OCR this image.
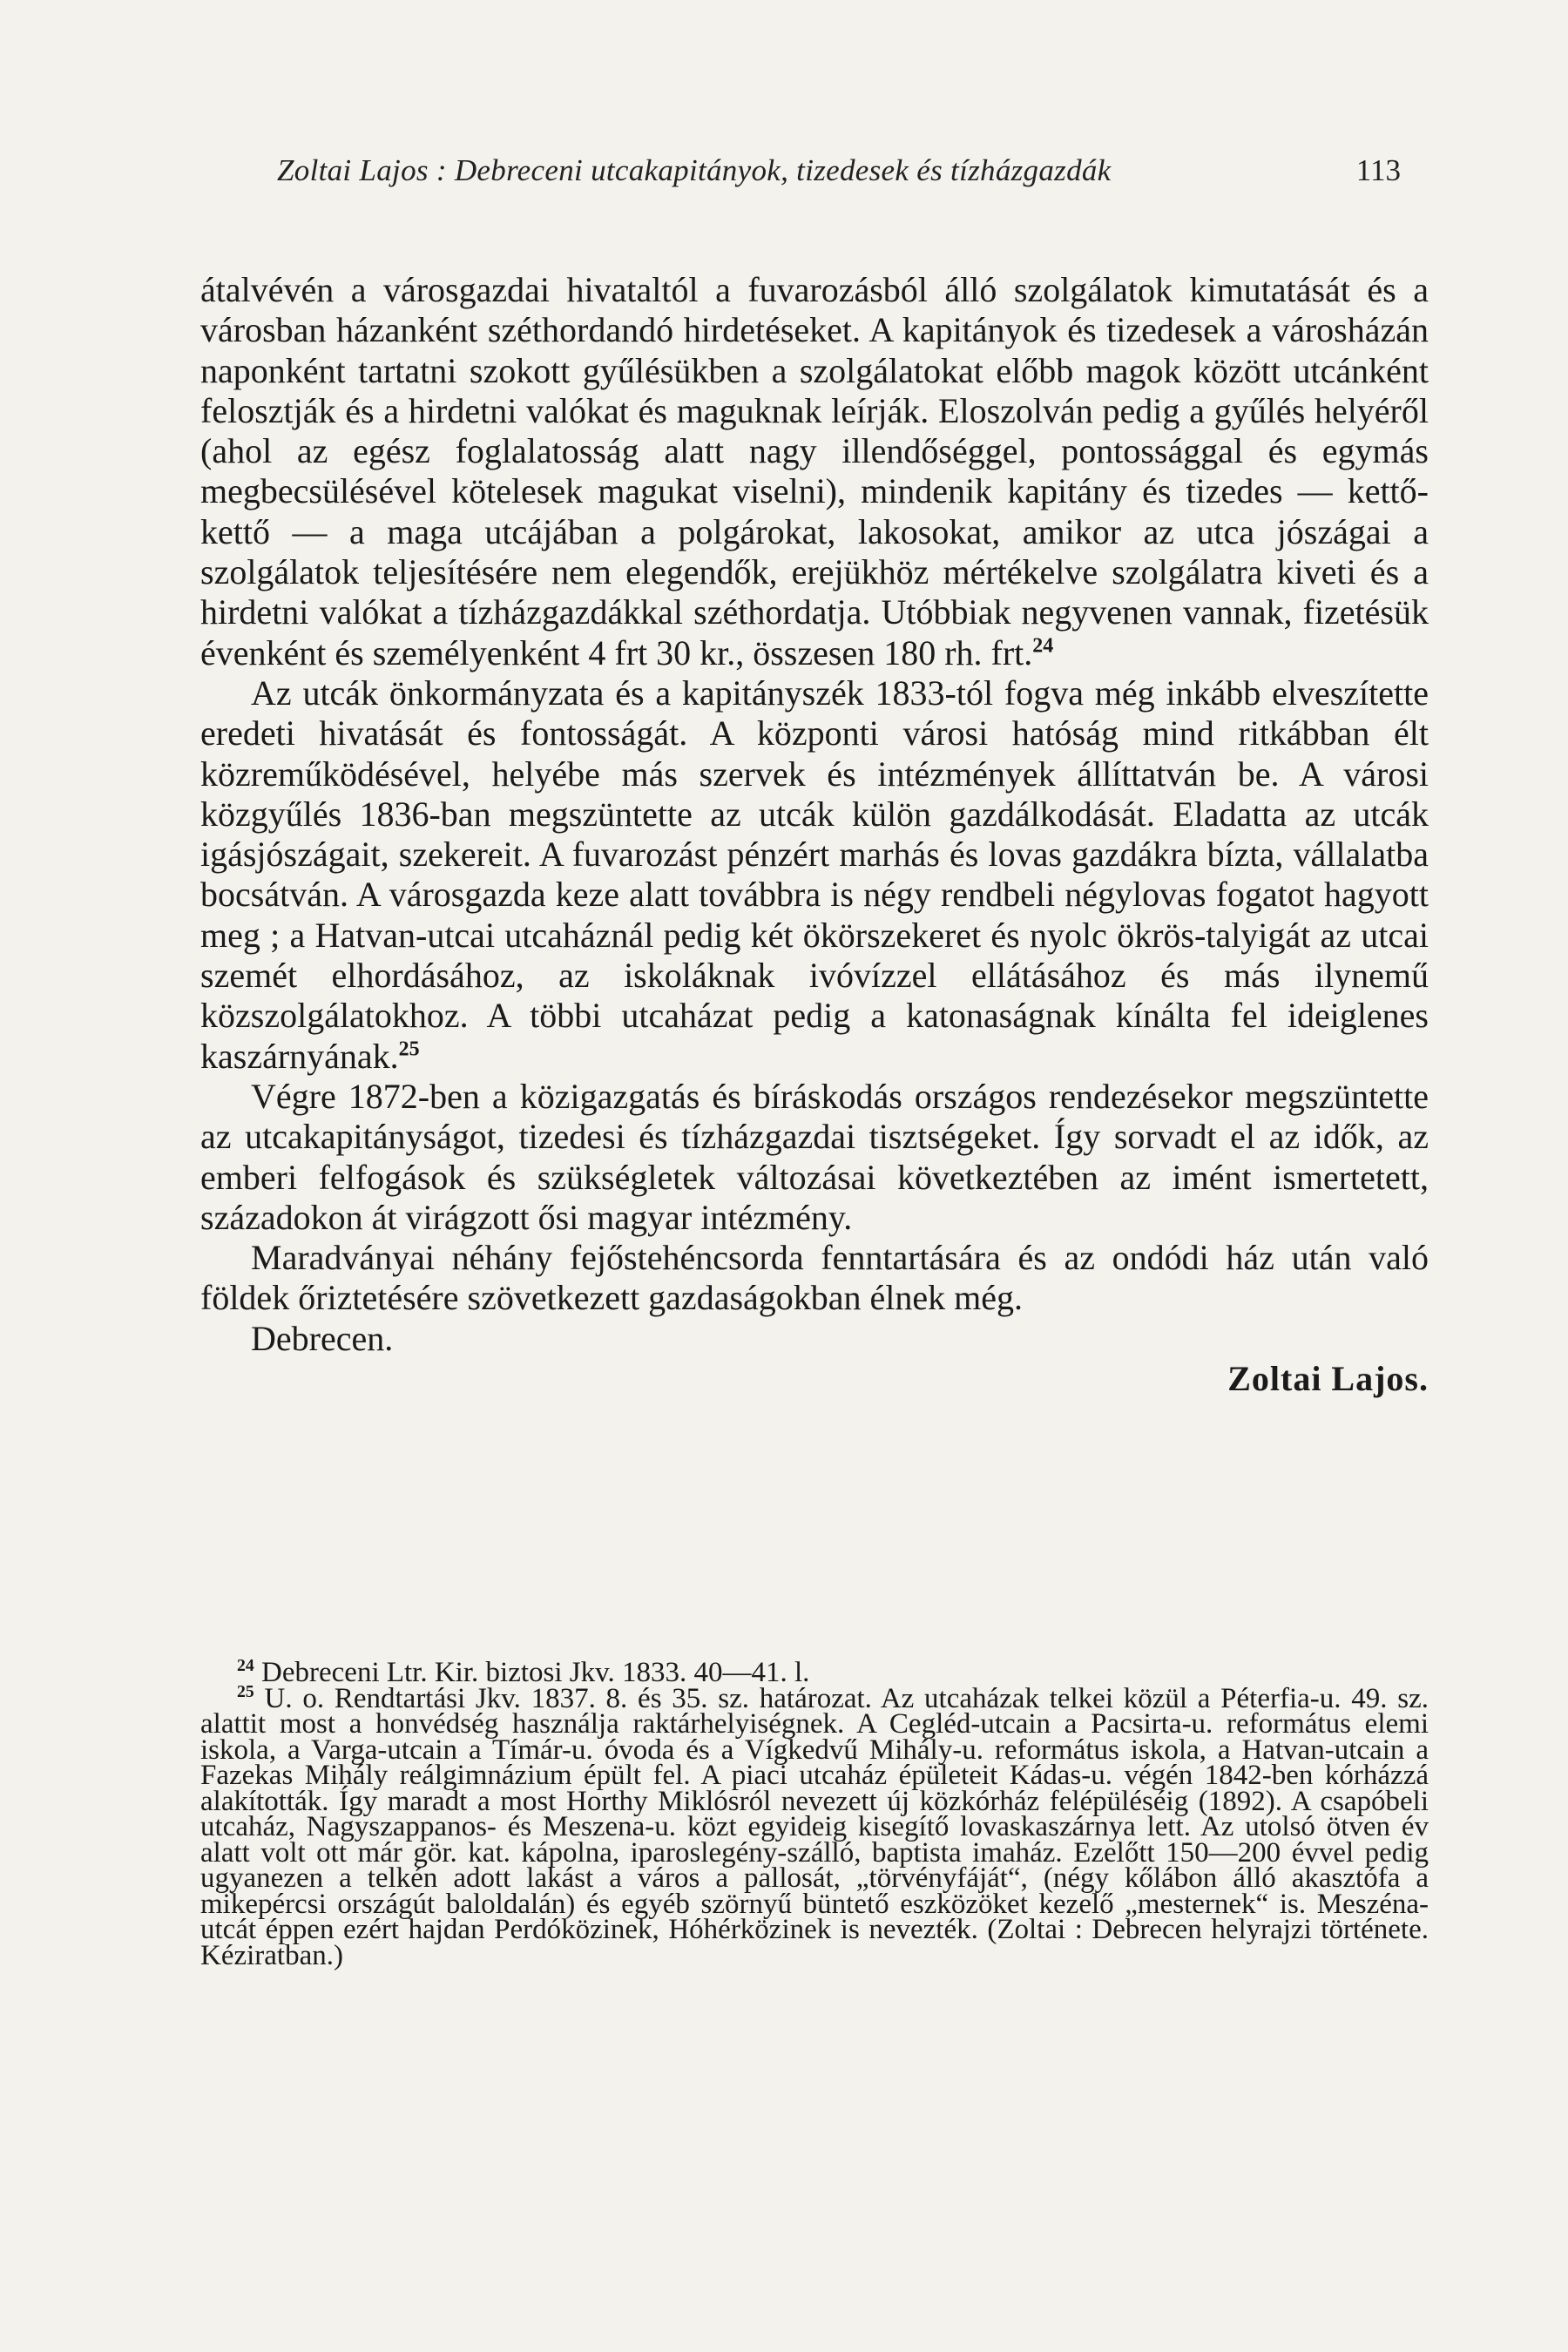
Zoltai Lajos : Debreceni utcakapitányok, tizedesek és tízházgazdák	113

átalvévén a városgazdai hivataltól a fuvarozásból álló szolgálatok kimutatását és a városban házanként széthordandó hirdetéseket. A kapitányok és tizedesek a városházán naponként tartatni szokott gyűlésükben a szolgálatokat előbb magok között utcánként felosztják és a hirdetni valókat és maguknak leírják. Eloszolván pedig a gyűlés helyéről (ahol az egész foglalatosság alatt nagy illendőséggel, pontossággal és egymás megbecsülésével kötelesek magukat viselni), mindenik kapitány és tizedes — kettő-kettő — a maga utcájában a polgárokat, lakosokat, amikor az utca jószágai a szolgálatok teljesítésére nem elegendők, erejükhöz mértékelve szolgálatra kiveti és a hirdetni valókat a tízházgazdákkal széthordatja. Utóbbiak negyvenen vannak, fizetésük évenként és személyenként 4 frt 30 kr., összesen 180 rh. frt.$^{24}$

Az utcák önkormányzata és a kapitányszék 1833-tól fogva még inkább elveszítette eredeti hivatását és fontosságát. A központi városi hatóság mind ritkábban élt közreműködésével, helyébe más szervek és intézmények állíttatván be. A városi közgyűlés 1836-ban megszüntette az utcák külön gazdálkodását. Eladatta az utcák igásjószágait, szekereit. A fuvarozást pénzért marhás és lovas gazdákra bízta, vállalatba bocsátván. A városgazda keze alatt továbbra is négy rendbeli négylovas fogatot hagyott meg ; a Hatvan-utcai utcaháznál pedig két ökörszekeret és nyolc ökrös-talyigát az utcai szemét elhordásához, az iskoláknak ivóvízzel ellátásához és más ilynemű közszolgálatokhoz. A többi utcaházat pedig a katonaságnak kínálta fel ideiglenes kaszárnyának.$^{25}$

Végre 1872-ben a közigazgatás és bíráskodás országos rendezésekor megszüntette az utcakapitányságot, tizedesi és tízházgazdai tisztségeket. Így sorvadt el az idők, az emberi felfogások és szükségletek változásai következtében az imént ismertetett, századokon át virágzott ősi magyar intézmény.

Maradványai néhány fejőstehéncsorda fenntartására és az ondódi ház után való földek őriztetésére szövetkezett gazdaságokban élnek még.

Debrecen.
Zoltai Lajos.

$^{24}$ Debreceni Ltr. Kir. biztosi Jkv. 1833. 40—41. l.

$^{25}$ U. o. Rendtartási Jkv. 1837. 8. és 35. sz. határozat. Az utcaházak telkei közül a Péterfia-u. 49. sz. alattit most a honvédség használja raktárhelyiségnek. A Cegléd-utcain a Pacsirta-u. református elemi iskola, a Varga-utcain a Tímár-u. óvoda és a Vígkedvű Mihály-u. református iskola, a Hatvan-utcain a Fazekas Mihály reálgimnázium épült fel. A piaci utcaház épületeit Kádas-u. végén 1842-ben kórházzá alakították. Így maradt a most Horthy Miklósról nevezett új közkórház felépüléséig (1892). A csapóbeli utcaház, Nagyszappanos- és Meszena-u. közt egyideig kisegítő lovaskaszárnya lett. Az utolsó ötven év alatt volt ott már gör. kat. kápolna, iparoslegény-szálló, baptista imaház. Ezelőtt 150—200 évvel pedig ugyanezen a telkén adott lakást a város a pallosát, „törvényfáját“, (négy kőlábon álló akasztófa a mikepércsi országút baloldalán) és egyéb szörnyű büntető eszközöket kezelő „mesternek“ is. Meszéna-utcát éppen ezért hajdan Perdóközinek, Hóhérközinek is nevezték. (Zoltai : Debrecen helyrajzi története. Kéziratban.)
